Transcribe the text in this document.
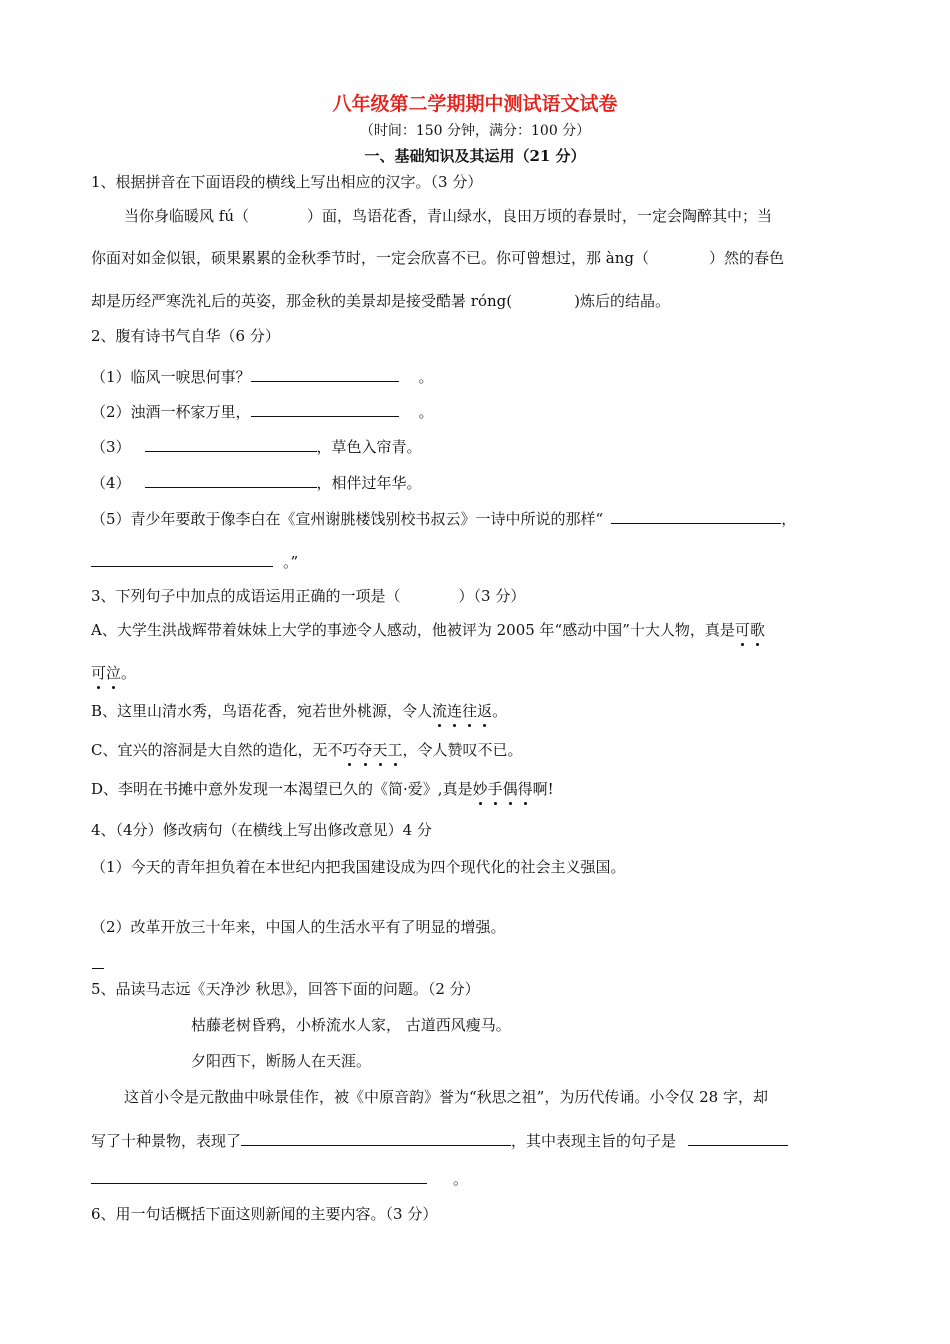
八年级第二学期期中测试语文试卷
（时间：150 分钟，满分：100 分）
一、基础知识及其运用（21 分）
1、根据拼音在下面语段的横线上写出相应的汉字。（3 分）
当你身临暖风 fú（	）面，鸟语花香，青山绿水，良田万顷的春景时，一定会陶醉其中；当
你面对如金似银，硕果累累的金秋季节时，一定会欣喜不已。你可曾想过，那 àng（	）然的春色
却是历经严寒洗礼后的英姿，那金秋的美景却是接受酷暑 róng(	)炼后的结晶。
2、腹有诗书气自华（6 分）
（1）临风一唳思何事？	。
（2）浊酒一杯家万里，	。
（3）	，草色入帘青。
（4）	，相伴过年华。
（5）青少年要敢于像李白在《宣州谢朓楼饯别校书叔云》一诗中所说的那样“	，
。”
3、下列句子中加点的成语运用正确的一项是（	）（3 分）
A、大学生洪战辉带着妹妹上大学的事迹令人感动，他被评为 2005 年“感动中国”十大人物，真是可歌
可泣。
B、这里山清水秀，鸟语花香，宛若世外桃源，令人流连往返。
C、宜兴的溶洞是大自然的造化，无不巧夺天工，令人赞叹不已。
D、李明在书摊中意外发现一本渴望已久的《简·爱》,真是妙手偶得啊!
4、（4分）修改病句（在横线上写出修改意见）4 分
（1）今天的青年担负着在本世纪内把我国建设成为四个现代化的社会主义强国。
（2）改革开放三十年来，中国人的生活水平有了明显的增强。
5、品读马志远《天净沙 秋思》，回答下面的问题。（2 分）
枯藤老树昏鸦，小桥流水人家， 古道西风瘦马。
夕阳西下，断肠人在天涯。
这首小令是元散曲中咏景佳作，被《中原音韵》誉为“秋思之祖”，为历代传诵。小令仅 28 字，却
写了十种景物，表现了	，其中表现主旨的句子是
。
6、用一句话概括下面这则新闻的主要内容。（3 分）
